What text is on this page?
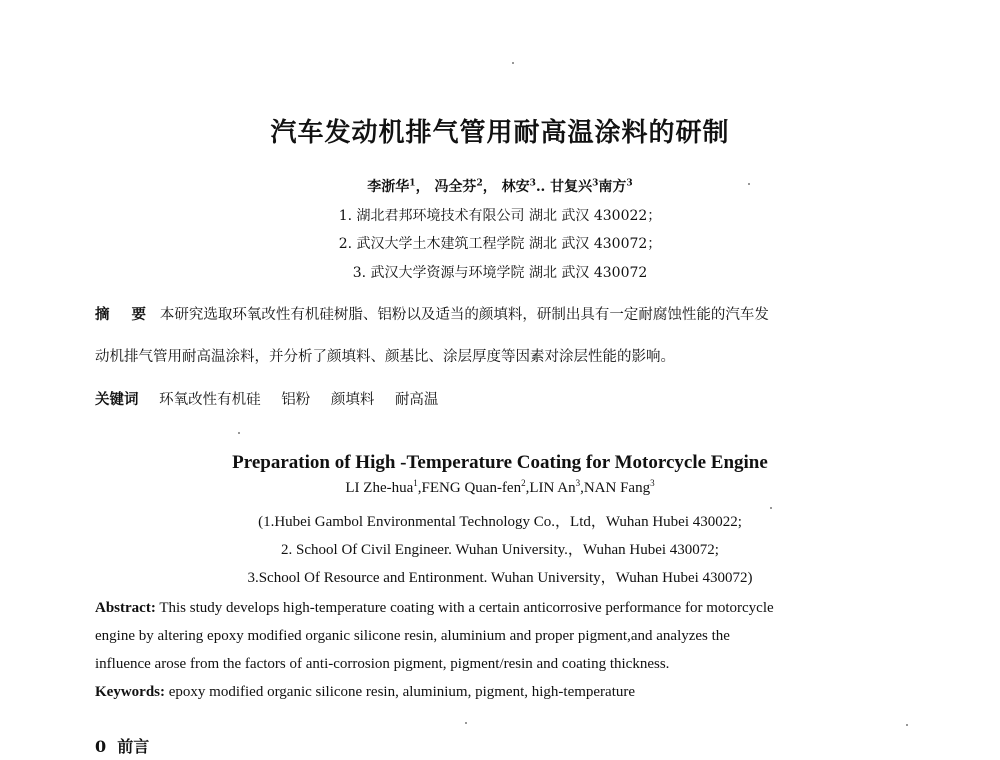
汽车发动机排气管用耐高温涂料的研制
李浙华$^1$， 冯全芬$^2$， 林安$^3$‥ 甘复兴$^3$南方$^3$
1. 湖北君邦环境技术有限公司 湖北 武汉 430022；
2. 武汉大学土木建筑工程学院 湖北 武汉 430072；
3. 武汉大学资源与环境学院 湖北 武汉 430072
摘 要 本研究选取环氧改性有机硅树脂、铝粉以及适当的颜填料，研制出具有一定耐腐蚀性能的汽车发
动机排气管用耐高温涂料，并分析了颜填料、颜基比、涂层厚度等因素对涂层性能的影响。
关键词 环氧改性有机硅 铝粉 颜填料 耐高温
Preparation of High -Temperature Coating for Motorcycle Engine
LI Zhe-hua$^1$,FENG Quan-fen$^2$,LIN An$^3$,NAN Fang$^3$
(1.Hubei Gambol Environmental Technology Co.，Ltd，Wuhan Hubei 430022;
2. School Of Civil Engineer. Wuhan University.，Wuhan Hubei 430072;
3.School Of Resource and Entironment. Wuhan University，Wuhan Hubei 430072)
Abstract: This study develops high-temperature coating with a certain anticorrosive performance for motorcycle
engine by altering epoxy modified organic silicone resin, aluminium and proper pigment,and analyzes the
influence arose from the factors of anti-corrosion pigment, pigment/resin and coating thickness.
Keywords: epoxy modified organic silicone resin, aluminium, pigment, high-temperature
0 前言
